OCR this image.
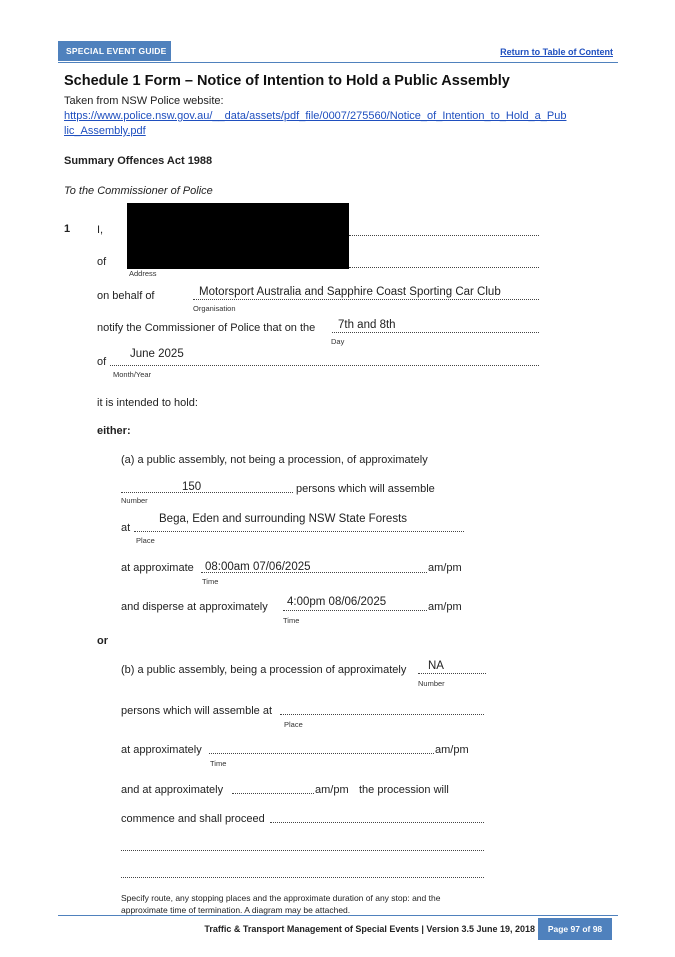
SPECIAL EVENT GUIDE	Return to Table of Content
Schedule 1 Form – Notice of Intention to Hold a Public Assembly
Taken from NSW Police website:
https://www.police.nsw.gov.au/__data/assets/pdf_file/0007/275560/Notice_of_Intention_to_Hold_a_Pub
lic_Assembly.pdf
Summary Offences Act 1988
To the Commissioner of Police
1 I,
of
Address
on behalf of	Motorsport Australia and Sapphire Coast Sporting Car Club
Organisation
notify the Commissioner of Police that on the 7th and 8th
Day
of
June 2025
Month/Year
it is intended to hold:
either:
(a) a public assembly, not being a procession, of approximately
150	persons which will assemble
Number
at
Bega, Eden and surrounding NSW State Forests
Place
at approximate 08:00am 07/06/2025	am/pm
Time
and disperse at approximately 4:00pm 08/06/2025	am/pm
Time
or
(b) a public assembly, being a procession of approximately NA
Number
persons which will assemble at
Place
at approximately	am/pm
Time
and at approximately	am/pm the procession will
commence and shall proceed
Specify route, any stopping places and the approximate duration of any stop: and the
approximate time of termination. A diagram may be attached.
Traffic & Transport Management of Special Events | Version 3.5 June 19, 2018	Page 97 of 98
